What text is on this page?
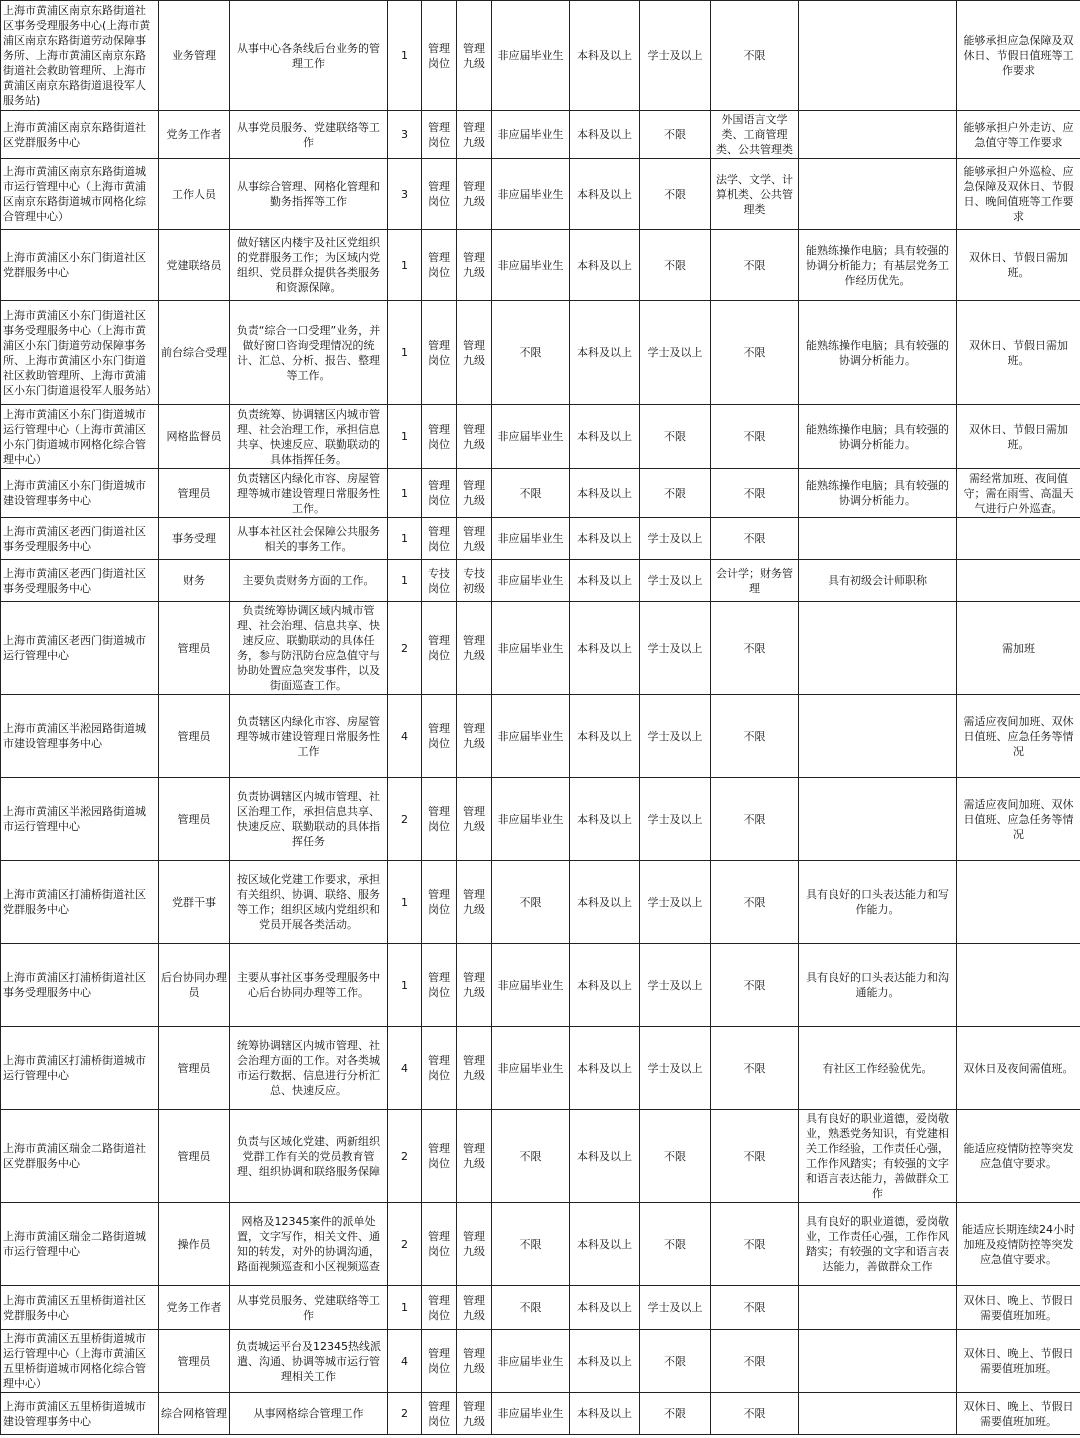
上海市黄浦区南京东路街道社区事务受理服务中心(上海市黄浦区南京东路街道劳动保障事务所、上海市黄浦区南京东路街道社会救助管理所、上海市黄浦区南京东路街道退役军人服务站)	业务管理	从事中心各条线后台业务的管理工作	1	管理岗位	管理九级	非应届毕业生	本科及以上	学士及以上	不限		能够承担应急保障及双休日、节假日值班等工作要求
上海市黄浦区南京东路街道社区党群服务中心	党务工作者	从事党员服务、党建联络等工作	3	管理岗位	管理九级	非应届毕业生	本科及以上	不限	外国语言文学类、工商管理类、公共管理类		能够承担户外走访、应急值守等工作要求
上海市黄浦区南京东路街道城市运行管理中心（上海市黄浦区南京东路街道城市网格化综合管理中心）	工作人员	从事综合管理、网格化管理和勤务指挥等工作	3	管理岗位	管理九级	非应届毕业生	本科及以上	不限	法学、文学、计算机类、公共管理类		能够承担户外巡检、应急保障及双休日、节假日、晚间值班等工作要求
上海市黄浦区小东门街道社区党群服务中心	党建联络员	做好辖区内楼宇及社区党组织的党群服务工作；为区域内党组织、党员群众提供各类服务和资源保障。	1	管理岗位	管理九级	非应届毕业生	本科及以上	不限	不限	能熟练操作电脑；具有较强的协调分析能力；有基层党务工作经历优先。	双休日、节假日需加班。
上海市黄浦区小东门街道社区事务受理服务中心（上海市黄浦区小东门街道劳动保障事务所、上海市黄浦区小东门街道社区救助管理所、上海市黄浦区小东门街道退役军人服务站）	前台综合受理	负责“综合一口受理”业务，并做好窗口咨询受理情况的统计、汇总、分析、报告、整理等工作。	1	管理岗位	管理九级	不限	本科及以上	学士及以上	不限	能熟练操作电脑；具有较强的协调分析能力。	双休日、节假日需加班。
上海市黄浦区小东门街道城市运行管理中心（上海市黄浦区小东门街道城市网格化综合管理中心）	网格监督员	负责统筹、协调辖区内城市管理、社会治理工作，承担信息共享、快速反应、联勤联动的具体指挥任务。	1	管理岗位	管理九级	非应届毕业生	本科及以上	不限	不限	能熟练操作电脑；具有较强的协调分析能力。	双休日、节假日需加班。
上海市黄浦区小东门街道城市建设管理事务中心	管理员	负责辖区内绿化市容、房屋管理等城市建设管理日常服务性工作。	1	管理岗位	管理九级	不限	本科及以上	不限	不限	能熟练操作电脑；具有较强的协调分析能力。	需经常加班、夜间值守；需在雨雪、高温天气进行户外巡查。
上海市黄浦区老西门街道社区事务受理服务中心	事务受理	从事本社区社会保障公共服务相关的事务工作。	1	管理岗位	管理九级	非应届毕业生	本科及以上	学士及以上	不限		
上海市黄浦区老西门街道社区事务受理服务中心	财务	主要负责财务方面的工作。	1	专技岗位	专技初级	非应届毕业生	本科及以上	学士及以上	会计学；财务管理	具有初级会计师职称	
上海市黄浦区老西门街道城市运行管理中心	管理员	负责统筹协调区域内城市管理、社会治理、信息共享、快速反应、联勤联动的具体任务，参与防汛防台应急值守与协助处置应急突发事件，以及街面巡查工作。	2	管理岗位	管理九级	非应届毕业生	本科及以上	学士及以上	不限		需加班
上海市黄浦区半淞园路街道城市建设管理事务中心	管理员	负责辖区内绿化市容、房屋管理等城市建设管理日常服务性工作	4	管理岗位	管理九级	非应届毕业生	本科及以上	学士及以上	不限		需适应夜间加班、双休日值班、应急任务等情况
上海市黄浦区半淞园路街道城市运行管理中心	管理员	负责协调辖区内城市管理、社区治理工作，承担信息共享、快速反应、联勤联动的具体指挥任务	2	管理岗位	管理九级	非应届毕业生	本科及以上	学士及以上	不限		需适应夜间加班、双休日值班、应急任务等情况
上海市黄浦区打浦桥街道社区党群服务中心	党群干事	按区域化党建工作要求，承担有关组织、协调、联络、服务等工作；组织区域内党组织和党员开展各类活动。	1	管理岗位	管理九级	不限	本科及以上	学士及以上	不限	具有良好的口头表达能力和写作能力。	
上海市黄浦区打浦桥街道社区事务受理服务中心	后台协同办理员	主要从事社区事务受理服务中心后台协同办理等工作。	1	管理岗位	管理九级	非应届毕业生	本科及以上	学士及以上	不限	具有良好的口头表达能力和沟通能力。	
上海市黄浦区打浦桥街道城市运行管理中心	管理员	统筹协调辖区内城市管理、社会治理方面的工作。对各类城市运行数据、信息进行分析汇总、快速反应。	4	管理岗位	管理九级	非应届毕业生	本科及以上	学士及以上	不限	有社区工作经验优先。	双休日及夜间需值班。
上海市黄浦区瑞金二路街道社区党群服务中心	管理员	负责与区域化党建、两新组织党群工作有关的党员教育管理、组织协调和联络服务保障	2	管理岗位	管理九级	不限	本科及以上	不限	不限	具有良好的职业道德，爱岗敬业，熟悉党务知识，有党建相关工作经验，工作责任心强，工作作风踏实；有较强的文字和语言表达能力，善做群众工作	能适应疫情防控等突发应急值守要求。
上海市黄浦区瑞金二路街道城市运行管理中心	操作员	网格及12345案件的派单处置，文字写作，相关文件、通知的转发，对外的协调沟通，路面视频巡查和小区视频巡查	2	管理岗位	管理九级	不限	本科及以上	不限	不限	具有良好的职业道德，爱岗敬业，工作责任心强，工作作风踏实；有较强的文字和语言表达能力，善做群众工作	能适应长期连续24小时加班及疫情防控等突发应急值守要求。
上海市黄浦区五里桥街道社区党群服务中心	党务工作者	从事党员服务、党建联络等工作	1	管理岗位	管理九级	不限	本科及以上	学士及以上	不限		双休日、晚上、节假日需要值班加班。
上海市黄浦区五里桥街道城市运行管理中心（上海市黄浦区五里桥街道城市网格化综合管理中心）	管理员	负责城运平台及12345热线派遣、沟通、协调等城市运行管理相关工作	4	管理岗位	管理九级	非应届毕业生	本科及以上	不限	不限		双休日、晚上、节假日需要值班加班。
上海市黄浦区五里桥街道城市建设管理事务中心	综合网格管理	从事网格综合管理工作	2	管理岗位	管理九级	非应届毕业生	本科及以上	不限	不限		双休日、晚上、节假日需要值班加班。
